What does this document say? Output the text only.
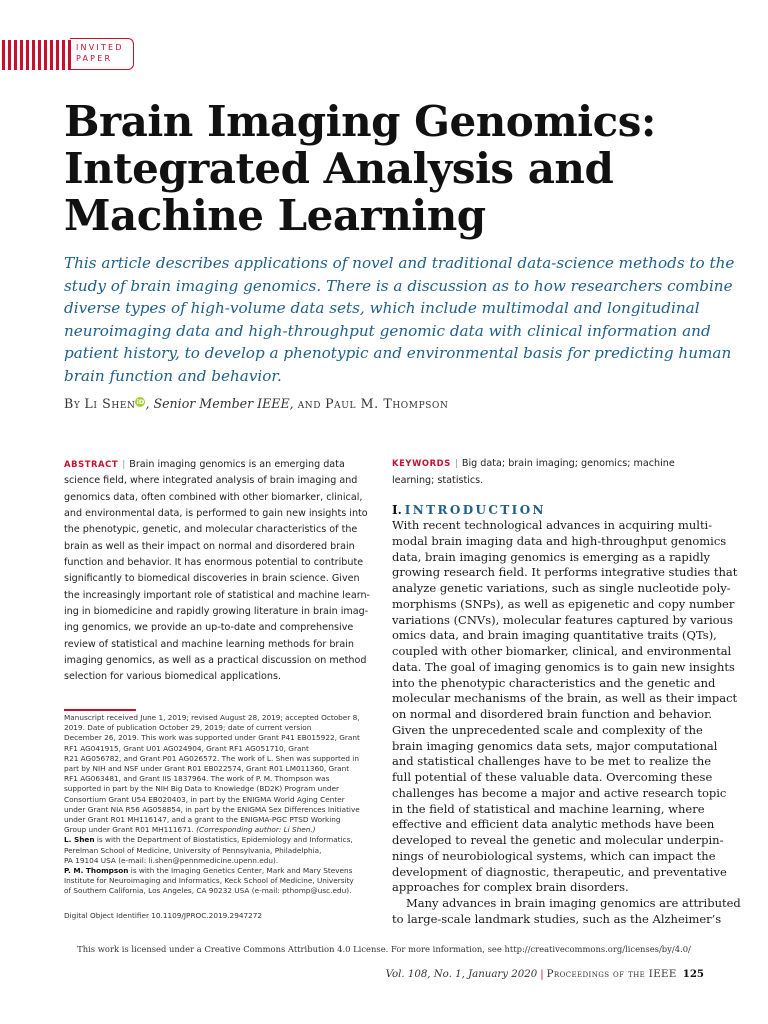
INVITED
PAPER
Brain Imaging Genomics:
Integrated Analysis and
Machine Learning
This article describes applications of novel and traditional data-science methods to the
study of brain imaging genomics. There is a discussion as to how researchers combine
diverse types of high-volume data sets, which include multimodal and longitudinal
neuroimaging data and high-throughput genomic data with clinical information and
patient history, to develop a phenotypic and environmental basis for predicting human
brain function and behavior.
By Li SheniD, Senior Member IEEE, and Paul M. Thompson
ABSTRACT | Brain imaging genomics is an emerging data
science field, where integrated analysis of brain imaging and
genomics data, often combined with other biomarker, clinical,
and environmental data, is performed to gain new insights into
the phenotypic, genetic, and molecular characteristics of the
brain as well as their impact on normal and disordered brain
function and behavior. It has enormous potential to contribute
significantly to biomedical discoveries in brain science. Given
the increasingly important role of statistical and machine learn-
ing in biomedicine and rapidly growing literature in brain imag-
ing genomics, we provide an up-to-date and comprehensive
review of statistical and machine learning methods for brain
imaging genomics, as well as a practical discussion on method
selection for various biomedical applications.
KEYWORDS | Big data; brain imaging; genomics; machine
learning; statistics.
Manuscript received June 1, 2019; revised August 28, 2019; accepted October 8,
2019. Date of publication October 29, 2019; date of current version
December 26, 2019. This work was supported under Grant P41 EB015922, Grant
RF1 AG041915, Grant U01 AG024904, Grant RF1 AG051710, Grant
R21 AG056782, and Grant P01 AG026572. The work of L. Shen was supported in
part by NIH and NSF under Grant R01 EB022574, Grant R01 LM011360, Grant
RF1 AG063481, and Grant IIS 1837964. The work of P. M. Thompson was
supported in part by the NIH Big Data to Knowledge (BD2K) Program under
Consortium Grant U54 EB020403, in part by the ENIGMA World Aging Center
under Grant NIA R56 AG058854, in part by the ENIGMA Sex Differences Initiative
under Grant R01 MH116147, and a grant to the ENIGMA-PGC PTSD Working
Group under Grant R01 MH111671. (Corresponding author: Li Shen.)
L. Shen is with the Department of Biostatistics, Epidemiology and Informatics,
Perelman School of Medicine, University of Pennsylvania, Philadelphia,
PA 19104 USA (e-mail: li.shen@pennmedicine.upenn.edu).
P. M. Thompson is with the Imaging Genetics Center, Mark and Mary Stevens
Institute for Neuroimaging and Informatics, Keck School of Medicine, University
of Southern California, Los Angeles, CA 90232 USA (e-mail: pthomp@usc.edu).
Digital Object Identifier 10.1109/JPROC.2019.2947272
I. INTRODUCTION
With recent technological advances in acquiring multi-
modal brain imaging data and high-throughput genomics
data, brain imaging genomics is emerging as a rapidly
growing research field. It performs integrative studies that
analyze genetic variations, such as single nucleotide poly-
morphisms (SNPs), as well as epigenetic and copy number
variations (CNVs), molecular features captured by various
omics data, and brain imaging quantitative traits (QTs),
coupled with other biomarker, clinical, and environmental
data. The goal of imaging genomics is to gain new insights
into the phenotypic characteristics and the genetic and
molecular mechanisms of the brain, as well as their impact
on normal and disordered brain function and behavior.
Given the unprecedented scale and complexity of the
brain imaging genomics data sets, major computational
and statistical challenges have to be met to realize the
full potential of these valuable data. Overcoming these
challenges has become a major and active research topic
in the field of statistical and machine learning, where
effective and efficient data analytic methods have been
developed to reveal the genetic and molecular underpin-
nings of neurobiological systems, which can impact the
development of diagnostic, therapeutic, and preventative
approaches for complex brain disorders.
Many advances in brain imaging genomics are attributed
to large-scale landmark studies, such as the Alzheimer’s
This work is licensed under a Creative Commons Attribution 4.0 License. For more information, see http://creativecommons.org/licenses/by/4.0/
Vol. 108, No. 1, January 2020 | Proceedings of the IEEE 125
